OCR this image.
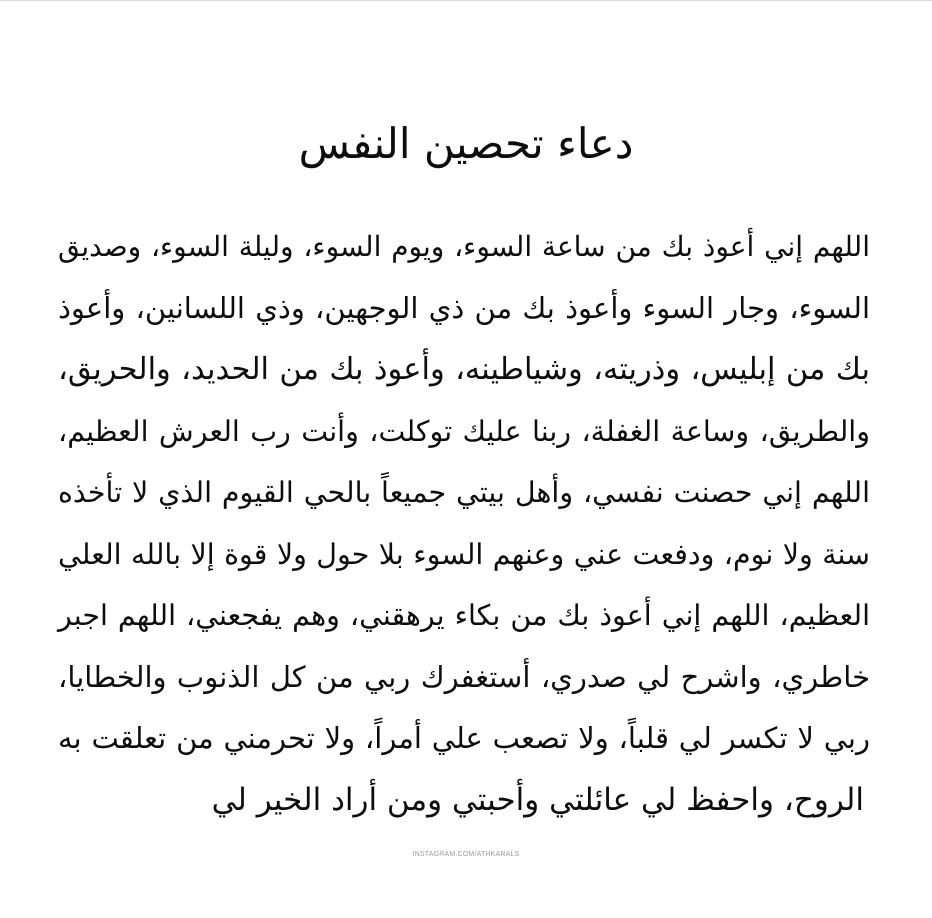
دعاء تحصين النفس
اللهم إني أعوذ بك من ساعة السوء، ويوم السوء، وليلة السوء، وصديق
السوء، وجار السوء وأعوذ بك من ذي الوجهين، وذي اللسانين، وأعوذ
بك من إبليس، وذريته، وشياطينه، وأعوذ بك من الحديد، والحريق،
والطريق، وساعة الغفلة، ربنا عليك توكلت، وأنت رب العرش العظيم،
اللهم إني حصنت نفسي، وأهل بيتي جميعاً بالحي القيوم الذي لا تأخذه
سنة ولا نوم، ودفعت عني وعنهم السوء بلا حول ولا قوة إلا بالله العلي
العظيم، اللهم إني أعوذ بك من بكاء يرهقني، وهم يفجعني، اللهم اجبر
خاطري، واشرح لي صدري، أستغفرك ربي من كل الذنوب والخطايا،
ربي لا تكسر لي قلباً، ولا تصعب علي أمراً، ولا تحرمني من تعلقت به
الروح، واحفظ لي عائلتي وأحبتي ومن أراد الخير لي
INSTAGRAM.COM/ATHKARALS
